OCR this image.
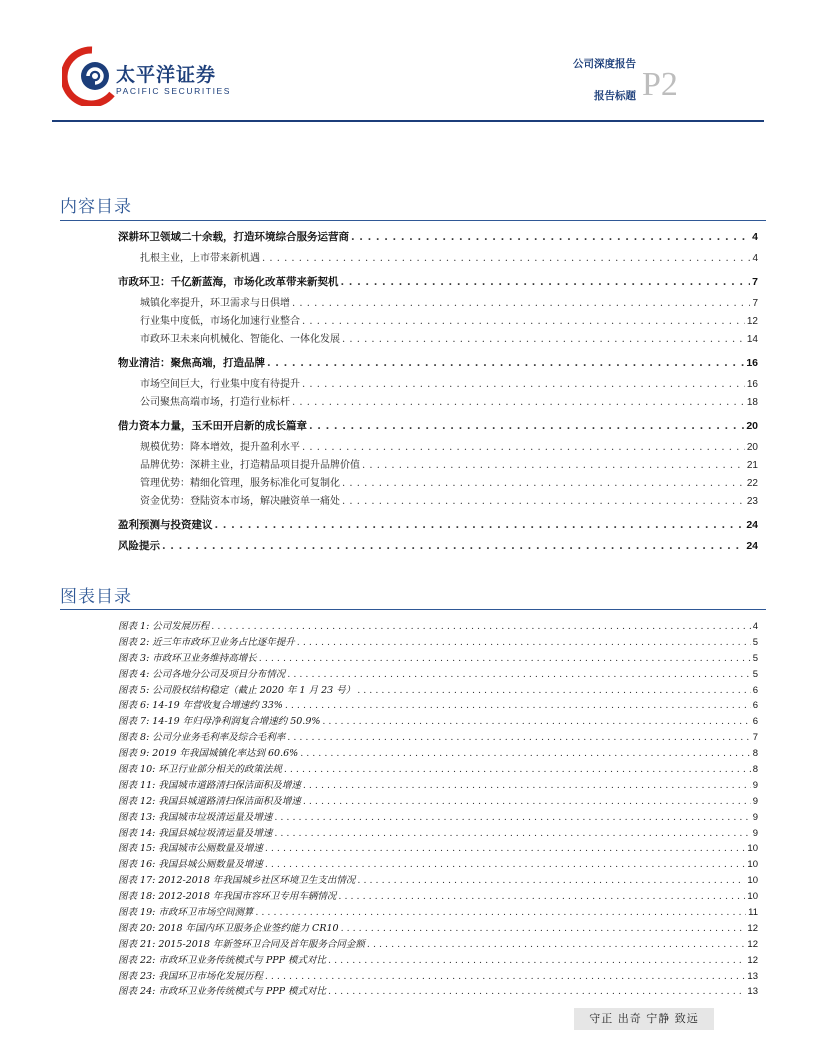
太平洋证券
PACIFIC SECURITIES
公司深度报告
报告标题 P2
内容目录
深耕环卫领域二十余载，打造环境综合服务运营商 . . .	4
扎根主业，上市带来新机遇 . . .	4
市政环卫：千亿新蓝海，市场化改革带来新契机 . . .	7
城镇化率提升，环卫需求与日俱增 . . .	7
行业集中度低，市场化加速行业整合 . . .	12
市政环卫未来向机械化、智能化、一体化发展 . . .	14
物业清洁：聚焦高端，打造品牌 . . .	16
市场空间巨大，行业集中度有待提升 . . .	16
公司聚焦高端市场，打造行业标杆 . . .	18
借力资本力量，玉禾田开启新的成长篇章 . . .	20
规模优势：降本增效，提升盈利水平 . . .	20
品牌优势：深耕主业，打造精品项目提升品牌价值 . . .	21
管理优势：精细化管理，服务标准化可复制化 . . .	22
资金优势：登陆资本市场，解决融资单一痛处 . . .	23
盈利预测与投资建议 . . .	24
风险提示 . . .	24
图表目录
图表 1: 公司发展历程 . . .	4
图表 2: 近三年市政环卫业务占比逐年提升 . . .	5
图表 3: 市政环卫业务维持高增长 . . .	5
图表 4: 公司各地分公司及项目分布情况 . . .	5
图表 5: 公司股权结构稳定（截止 2020 年 1 月 23 号） . . .	6
图表 6: 14-19 年营收复合增速约 33% . . .	6
图表 7: 14-19 年归母净利润复合增速约 50.9% . . .	6
图表 8: 公司分业务毛利率及综合毛利率 . . .	7
图表 9: 2019 年我国城镇化率达到 60.6% . . .	8
图表 10: 环卫行业部分相关的政策法规 . . .	8
图表 11: 我国城市道路清扫保洁面积及增速 . . .	9
图表 12: 我国县城道路清扫保洁面积及增速 . . .	9
图表 13: 我国城市垃圾清运量及增速 . . .	9
图表 14: 我国县城垃圾清运量及增速 . . .	9
图表 15: 我国城市公厕数量及增速 . . .	10
图表 16: 我国县城公厕数量及增速 . . .	10
图表 17: 2012-2018 年我国城乡社区环境卫生支出情况 . . .	10
图表 18: 2012-2018 年我国市容环卫专用车辆情况 . . .	10
图表 19: 市政环卫市场空间测算 . . .	11
图表 20: 2018 年国内环卫服务企业签约能力 CR10 . . .	12
图表 21: 2015-2018 年新签环卫合同及首年服务合同金额 . . .	12
图表 22: 市政环卫业务传统模式与 PPP 模式对比 . . .	12
图表 23: 我国环卫市场化发展历程 . . .	13
图表 24: 市政环卫业务传统模式与 PPP 模式对比 . . .	13
守正 出奇 宁静 致远
